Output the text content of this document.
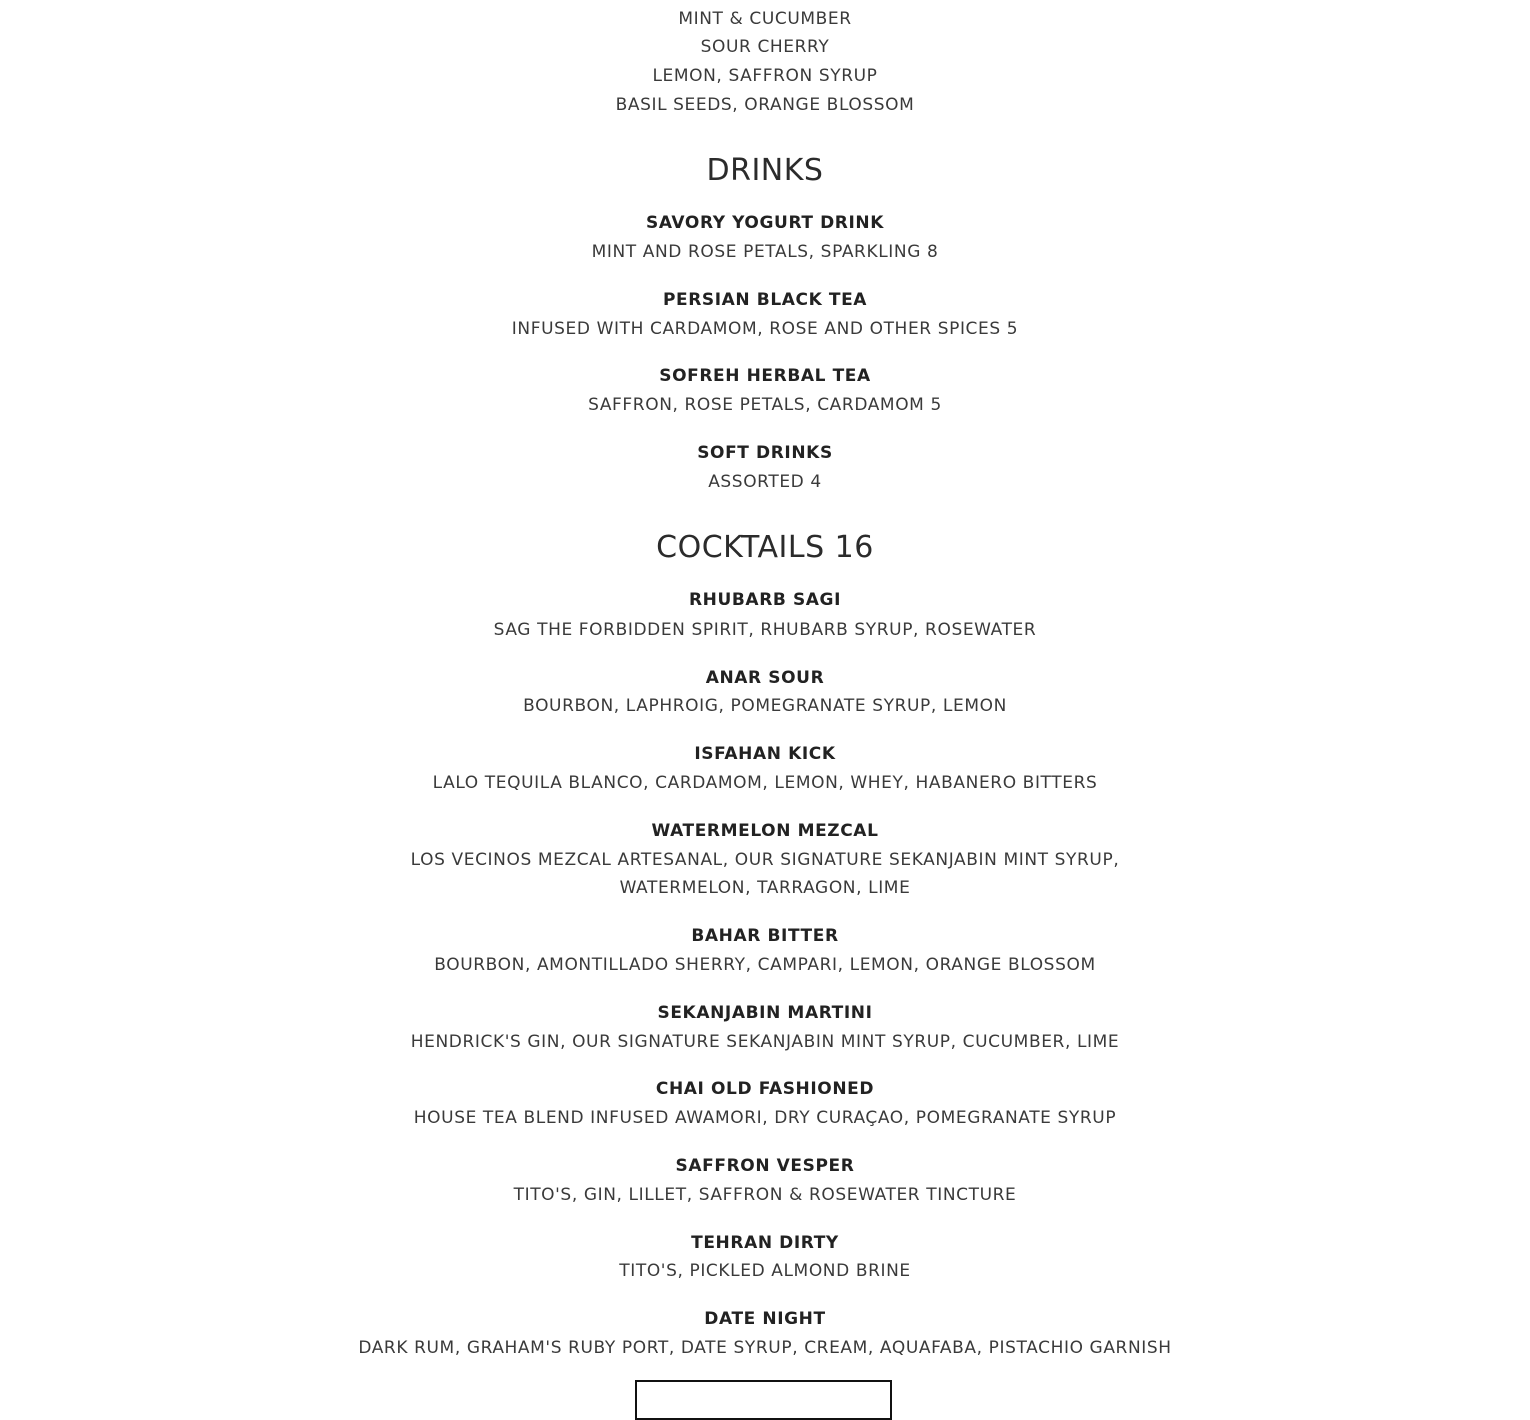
MINT & CUCUMBER
SOUR CHERRY
LEMON, SAFFRON SYRUP
BASIL SEEDS, ORANGE BLOSSOM
DRINKS
SAVORY YOGURT DRINK
MINT AND ROSE PETALS, SPARKLING 8
PERSIAN BLACK TEA
INFUSED WITH CARDAMOM, ROSE AND OTHER SPICES 5
SOFREH HERBAL TEA
SAFFRON, ROSE PETALS, CARDAMOM 5
SOFT DRINKS
ASSORTED 4
COCKTAILS 16
RHUBARB SAGI
SAG THE FORBIDDEN SPIRIT, RHUBARB SYRUP, ROSEWATER
ANAR SOUR
BOURBON, LAPHROIG, POMEGRANATE SYRUP, LEMON
ISFAHAN KICK
LALO TEQUILA BLANCO, CARDAMOM, LEMON, WHEY, HABANERO BITTERS
WATERMELON MEZCAL
LOS VECINOS MEZCAL ARTESANAL, OUR SIGNATURE SEKANJABIN MINT SYRUP,
WATERMELON, TARRAGON, LIME
BAHAR BITTER
BOURBON, AMONTILLADO SHERRY, CAMPARI, LEMON, ORANGE BLOSSOM
SEKANJABIN MARTINI
HENDRICK'S GIN, OUR SIGNATURE SEKANJABIN MINT SYRUP, CUCUMBER, LIME
CHAI OLD FASHIONED
HOUSE TEA BLEND INFUSED AWAMORI, DRY CURAÇAO, POMEGRANATE SYRUP
SAFFRON VESPER
TITO'S, GIN, LILLET, SAFFRON & ROSEWATER TINCTURE
TEHRAN DIRTY
TITO'S, PICKLED ALMOND BRINE
DATE NIGHT
DARK RUM, GRAHAM'S RUBY PORT, DATE SYRUP, CREAM, AQUAFABA, PISTACHIO GARNISH
